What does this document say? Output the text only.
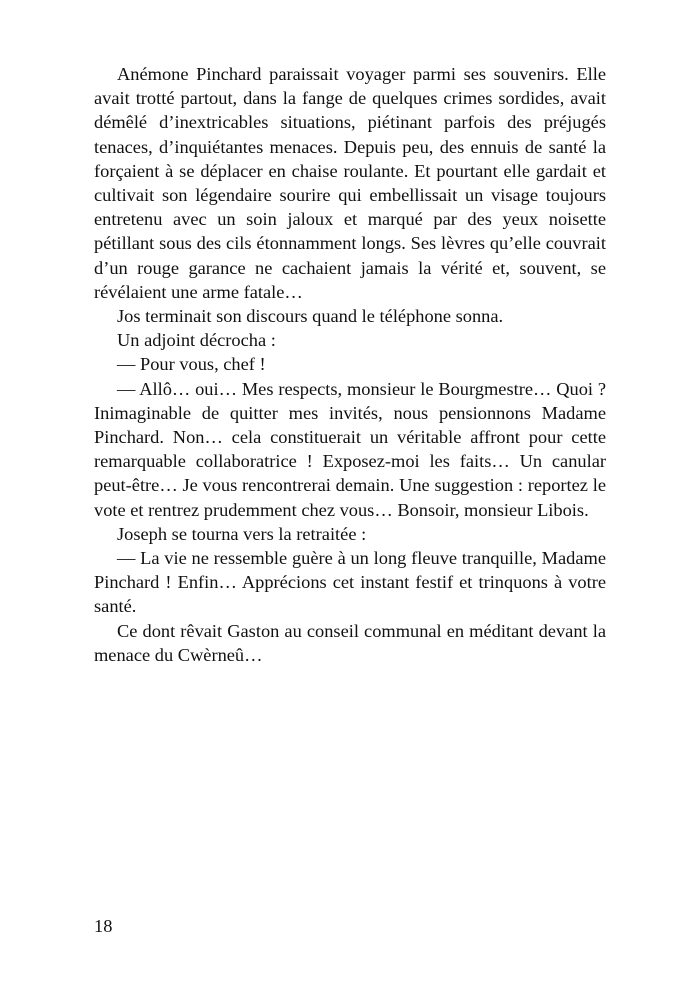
Anémone Pinchard paraissait voyager parmi ses souvenirs. Elle avait trotté partout, dans la fange de quelques crimes sordides, avait démêlé d’inextricables situations, piétinant parfois des préjugés tenaces, d’inquiétantes menaces. Depuis peu, des ennuis de santé la forçaient à se déplacer en chaise roulante. Et pourtant elle gardait et cultivait son légendaire sourire qui embellissait un visage toujours entretenu avec un soin jaloux et marqué par des yeux noisette pétillant sous des cils étonnamment longs. Ses lèvres qu’elle couvrait d’un rouge garance ne cachaient jamais la vérité et, souvent, se révélaient une arme fatale…

Jos terminait son discours quand le téléphone sonna.

Un adjoint décrocha :

— Pour vous, chef !

— Allô… oui… Mes respects, monsieur le Bourgmestre… Quoi ? Inimaginable de quitter mes invités, nous pensionnons Madame Pinchard. Non… cela constituerait un véritable affront pour cette remarquable collaboratrice ! Exposez-moi les faits… Un canular peut-être… Je vous rencontrerai demain. Une suggestion : reportez le vote et rentrez prudemment chez vous… Bonsoir, monsieur Libois.

Joseph se tourna vers la retraitée :

— La vie ne ressemble guère à un long fleuve tranquille, Madame Pinchard ! Enfin… Apprécions cet instant festif et trinquons à votre santé.

Ce dont rêvait Gaston au conseil communal en méditant devant la menace du Cwèrneû…

18
